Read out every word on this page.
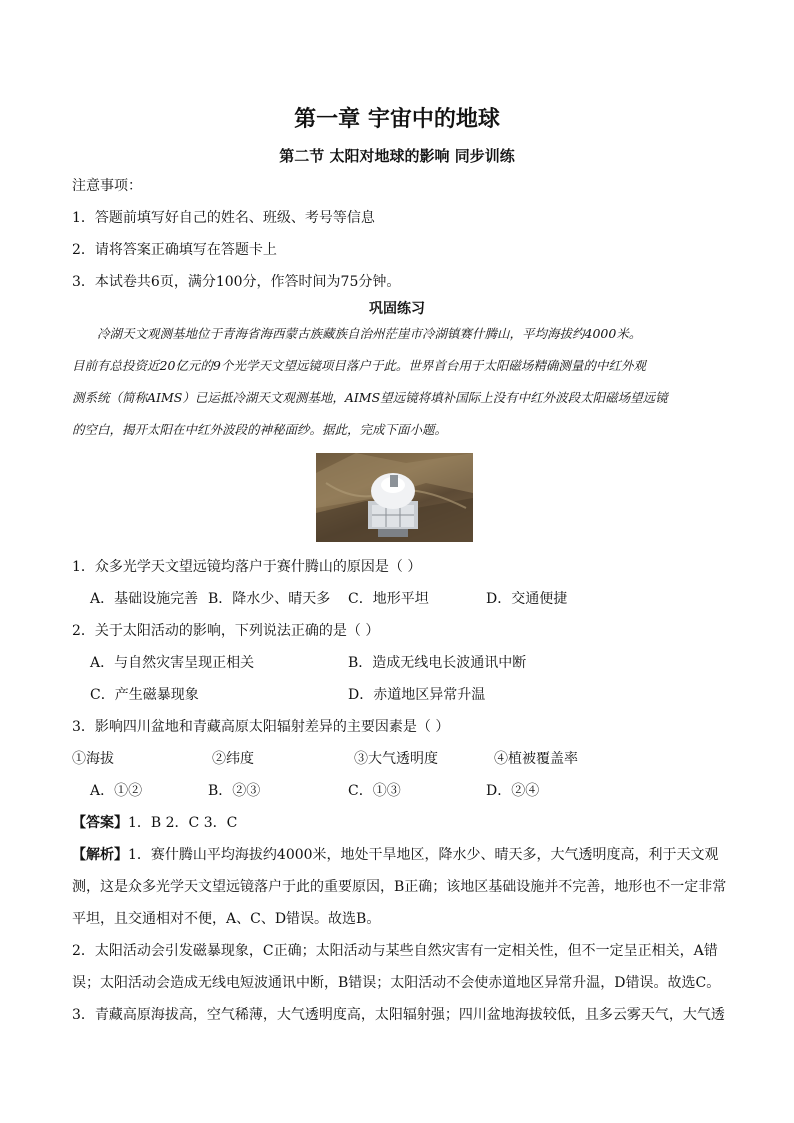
第一章 宇宙中的地球
第二节 太阳对地球的影响 同步训练
注意事项：
1．答题前填写好自己的姓名、班级、考号等信息
2．请将答案正确填写在答题卡上
3．本试卷共6页，满分100分，作答时间为75分钟。
巩固练习
冷湖天文观测基地位于青海省海西蒙古族藏族自治州茫崖市冷湖镇赛什腾山，平均海拔约4000米。
目前有总投资近20亿元的9个光学天文望远镜项目落户于此。世界首台用于太阳磁场精确测量的中红外观
测系统（简称AIMS）已运抵冷湖天文观测基地，AIMS望远镜将填补国际上没有中红外波段太阳磁场望远镜
的空白，揭开太阳在中红外波段的神秘面纱。据此，完成下面小题。
1．众多光学天文望远镜均落户于赛什腾山的原因是（ ）
A．基础设施完善 B．降水少、晴天多 C．地形平坦	D．交通便捷
2．关于太阳活动的影响，下列说法正确的是（ ）
A．与自然灾害呈现正相关	B．造成无线电长波通讯中断
C．产生磁暴现象	D．赤道地区异常升温
3．影响四川盆地和青藏高原太阳辐射差异的主要因素是（ ）
①海拔	②纬度	③大气透明度	④植被覆盖率
A．①②	B．②③	C．①③	D．②④
【答案】1．B 2．C 3．C
【解析】1．赛什腾山平均海拔约4000米，地处干旱地区，降水少、晴天多，大气透明度高，利于天文观
测，这是众多光学天文望远镜落户于此的重要原因，B正确；该地区基础设施并不完善，地形也不一定非常
平坦，且交通相对不便，A、C、D错误。故选B。
2．太阳活动会引发磁暴现象，C正确；太阳活动与某些自然灾害有一定相关性，但不一定呈正相关，A错
误；太阳活动会造成无线电短波通讯中断，B错误；太阳活动不会使赤道地区异常升温，D错误。故选C。
3．青藏高原海拔高，空气稀薄，大气透明度高，太阳辐射强；四川盆地海拔较低，且多云雾天气，大气透
